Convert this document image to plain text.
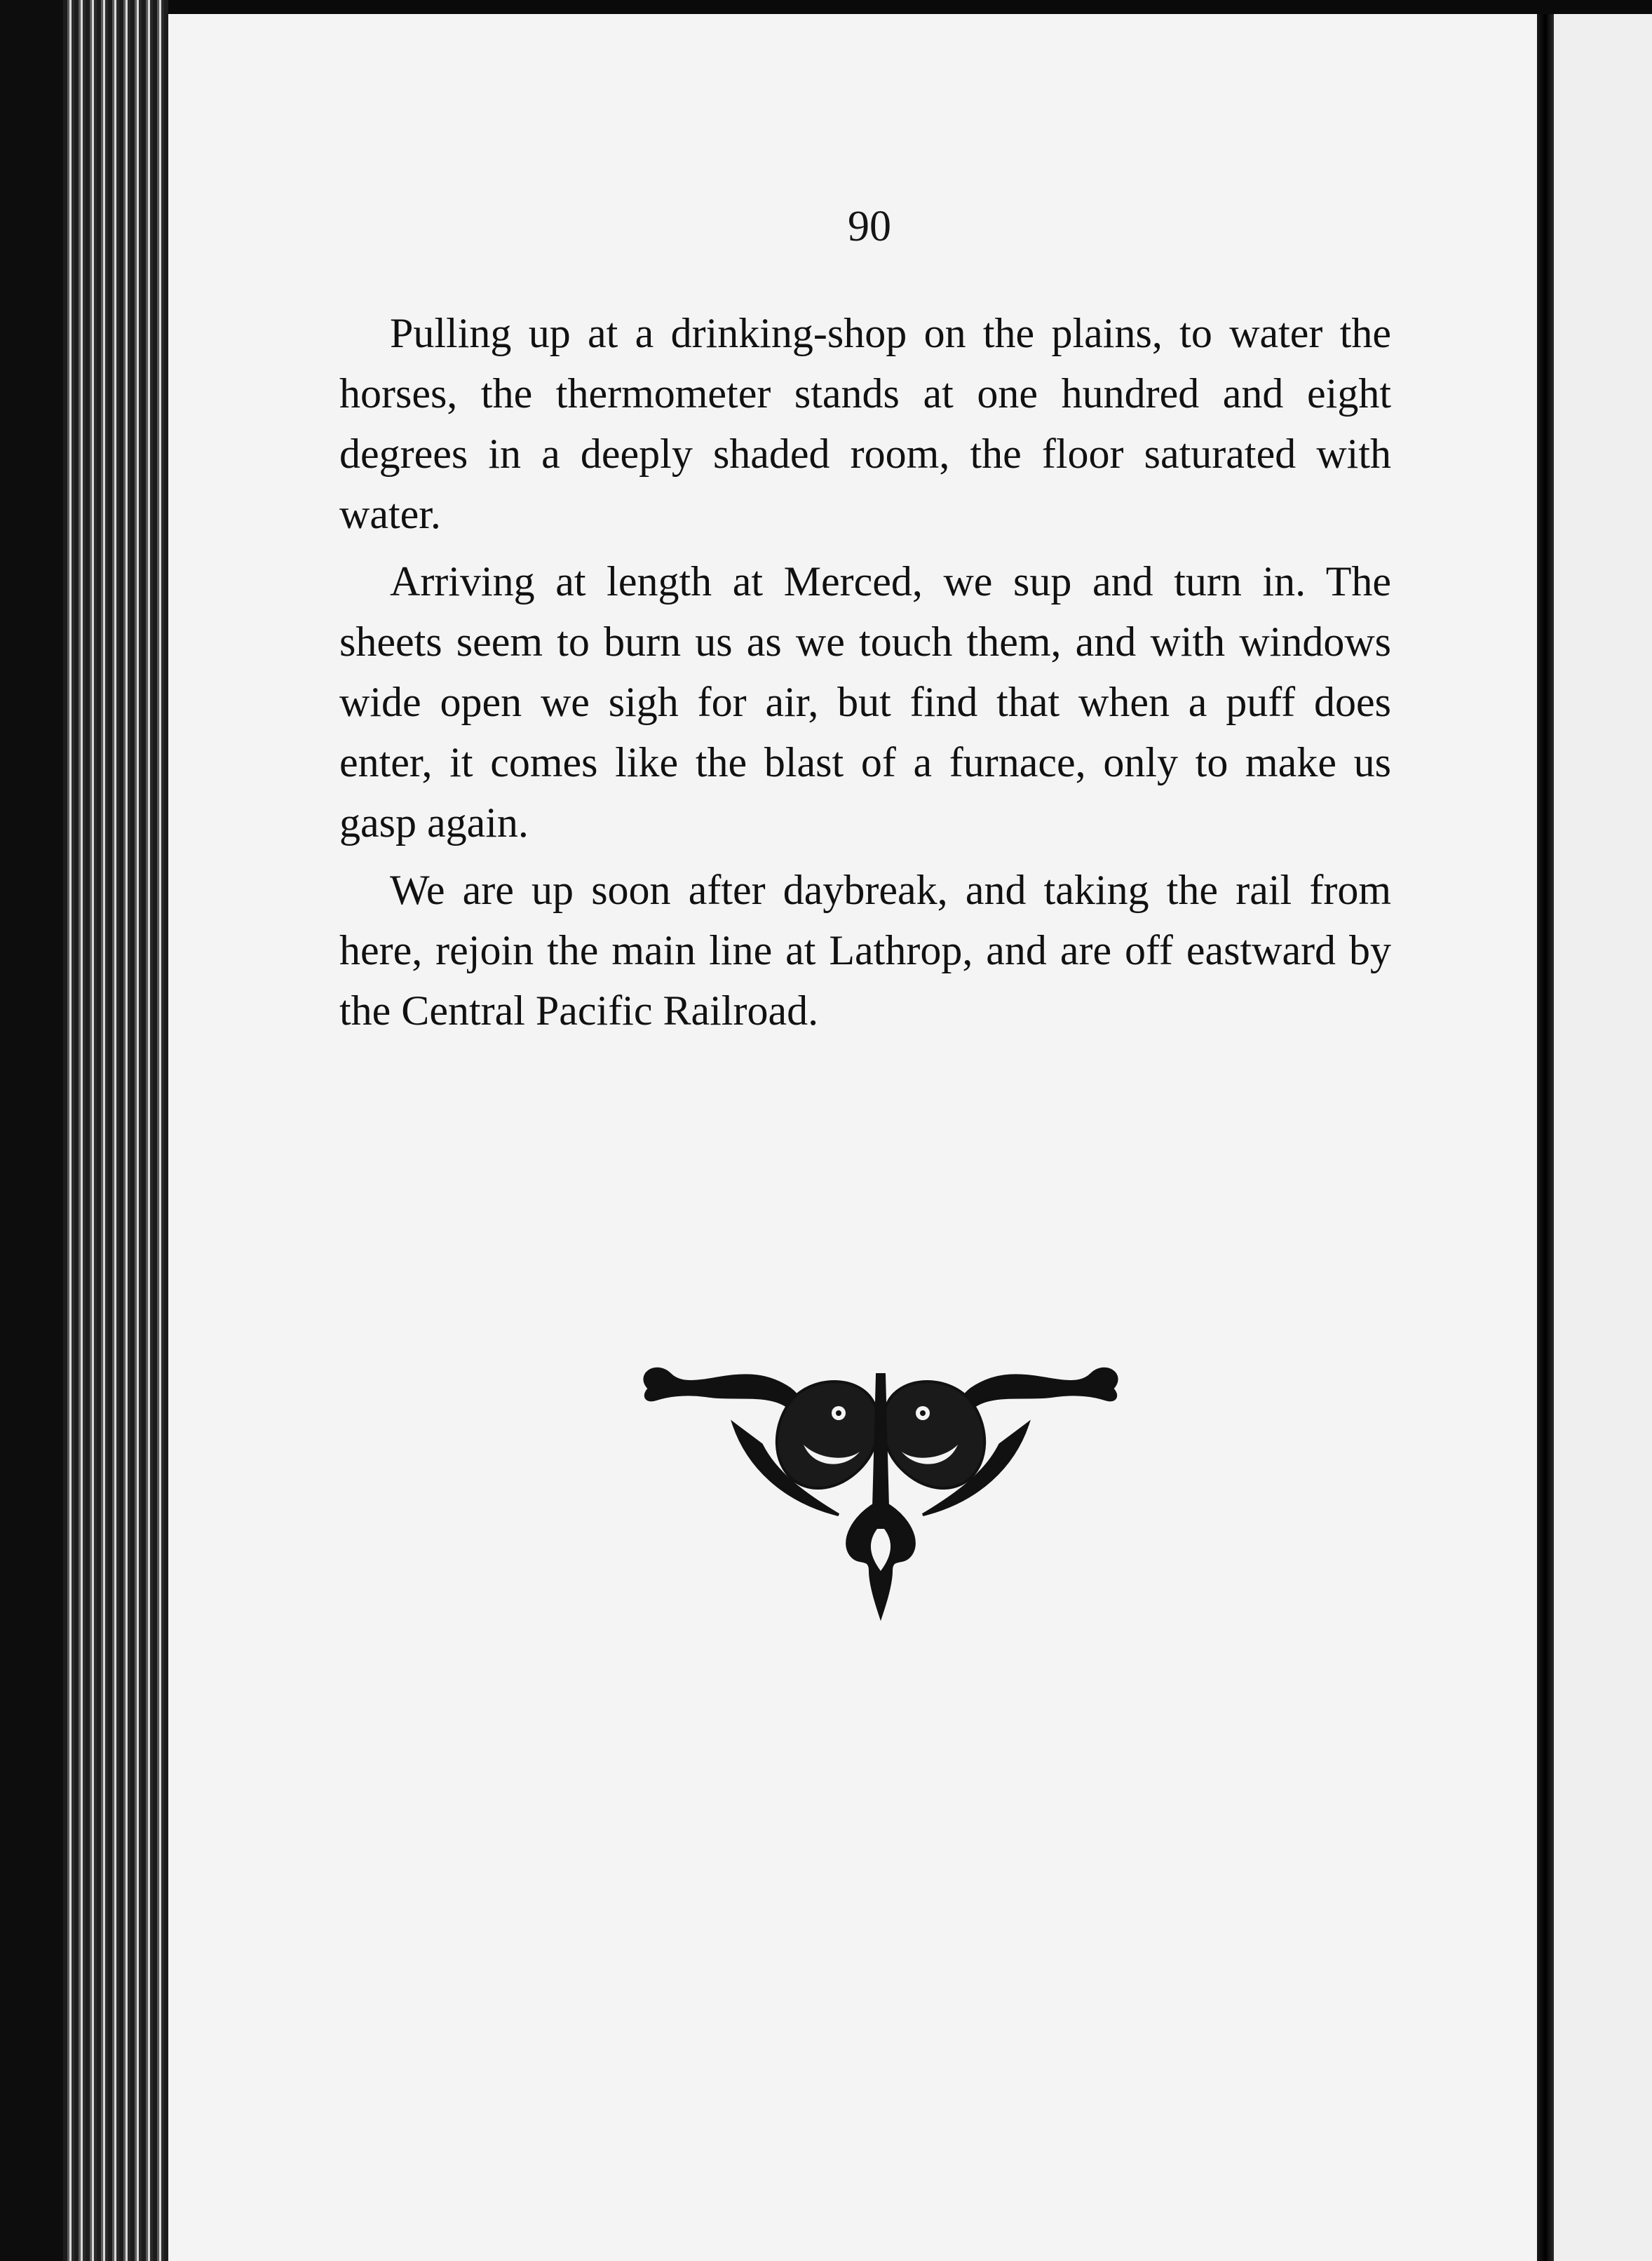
90

Pulling up at a drinking-shop on the plains, to water the horses, the thermometer stands at one hundred and eight degrees in a deeply shaded room, the floor saturated with water.

Arriving at length at Merced, we sup and turn in. The sheets seem to burn us as we touch them, and with windows wide open we sigh for air, but find that when a puff does enter, it comes like the blast of a furnace, only to make us gasp again.

We are up soon after daybreak, and taking the rail from here, rejoin the main line at Lathrop, and are off eastward by the Central Pacific Railroad.
